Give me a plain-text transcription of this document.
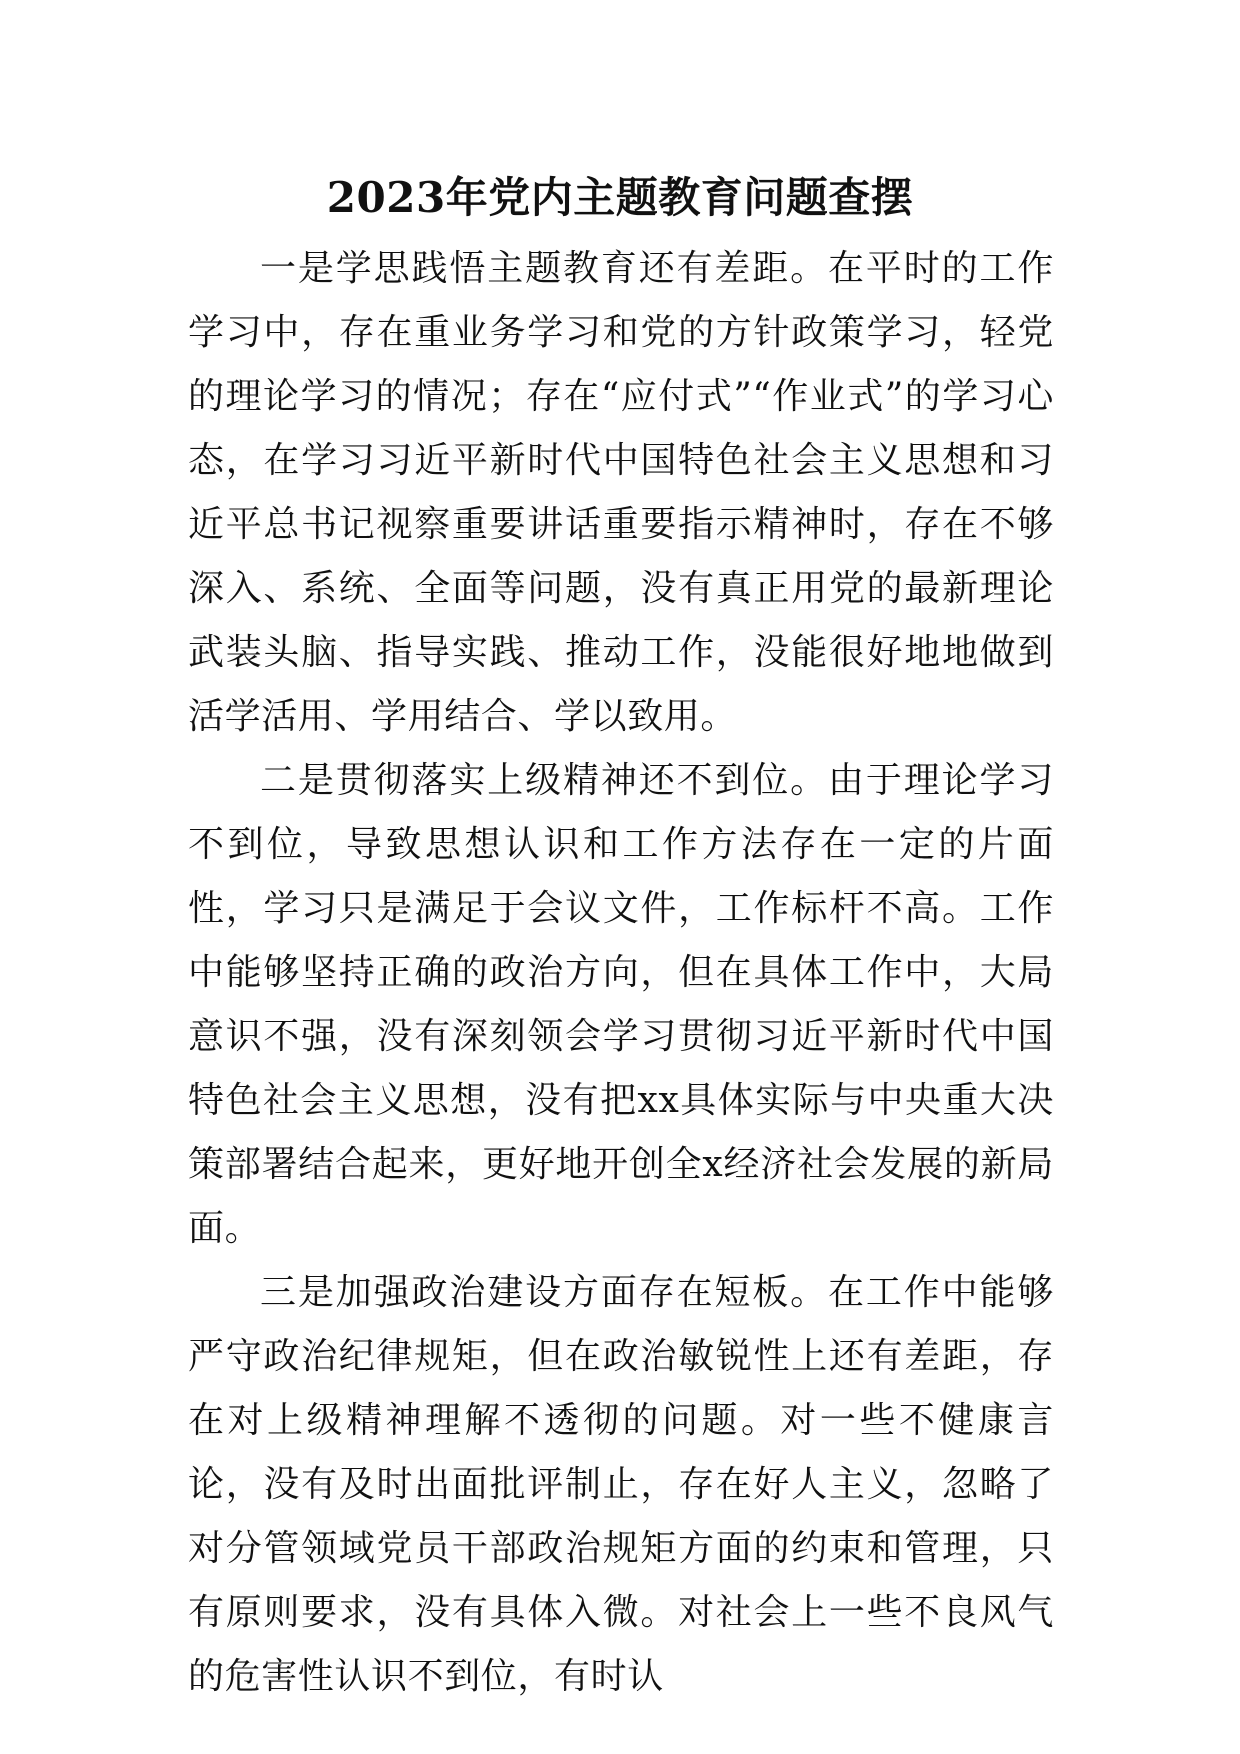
2023年党内主题教育问题查摆

一是学思践悟主题教育还有差距。在平时的工作学习中，存在重业务学习和党的方针政策学习，轻党的理论学习的情况；存在“应付式”“作业式”的学习心态，在学习习近平新时代中国特色社会主义思想和习近平总书记视察重要讲话重要指示精神时，存在不够深入、系统、全面等问题，没有真正用党的最新理论武装头脑、指导实践、推动工作，没能很好地地做到活学活用、学用结合、学以致用。

二是贯彻落实上级精神还不到位。由于理论学习不到位，导致思想认识和工作方法存在一定的片面性，学习只是满足于会议文件，工作标杆不高。工作中能够坚持正确的政治方向，但在具体工作中，大局意识不强，没有深刻领会学习贯彻习近平新时代中国特色社会主义思想，没有把xx具体实际与中央重大决策部署结合起来，更好地开创全x经济社会发展的新局面。

三是加强政治建设方面存在短板。在工作中能够严守政治纪律规矩，但在政治敏锐性上还有差距，存在对上级精神理解不透彻的问题。对一些不健康言论，没有及时出面批评制止，存在好人主义，忽略了对分管领域党员干部政治规矩方面的约束和管理，只有原则要求，没有具体入微。对社会上一些不良风气的危害性认识不到位，有时认
